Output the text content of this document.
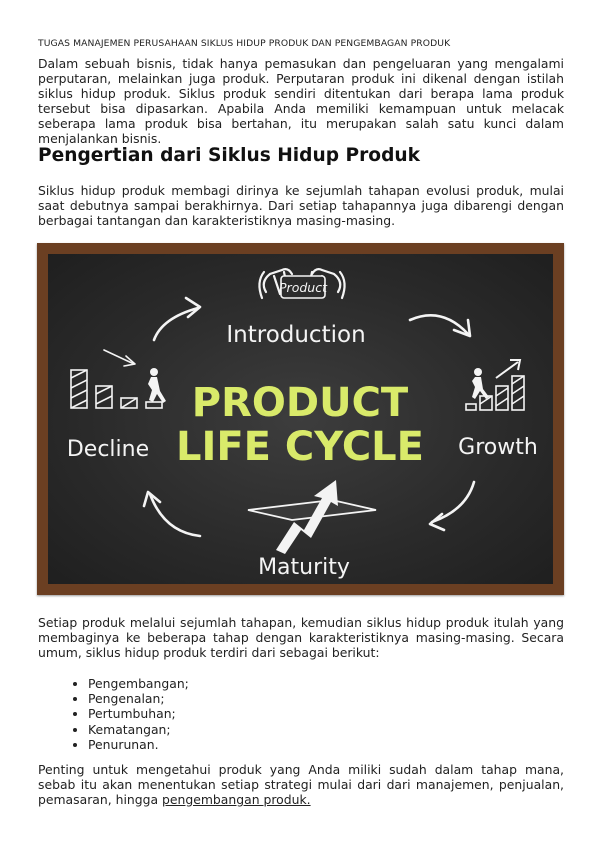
TUGAS MANAJEMEN PERUSAHAAN SIKLUS HIDUP PRODUK DAN PENGEMBAGAN PRODUK

Dalam sebuah bisnis, tidak hanya pemasukan dan pengeluaran yang mengalami perputaran, melainkan juga produk. Perputaran produk ini dikenal dengan istilah siklus hidup produk. Siklus produk sendiri ditentukan dari berapa lama produk tersebut bisa dipasarkan. Apabila Anda memiliki kemampuan untuk melacak seberapa lama produk bisa bertahan, itu merupakan salah satu kunci dalam menjalankan bisnis.

Pengertian dari Siklus Hidup Produk

Siklus hidup produk membagi dirinya ke sejumlah tahapan evolusi produk, mulai saat debutnya sampai berakhirnya. Dari setiap tahapannya juga dibarengi dengan berbagai tantangan dan karakteristiknya masing-masing.

Product
Introduction
Decline	Growth
PRODUCT
LIFE CYCLE
Maturity

Setiap produk melalui sejumlah tahapan, kemudian siklus hidup produk itulah yang membaginya ke beberapa tahap dengan karakteristiknya masing-masing. Secara umum, siklus hidup produk terdiri dari sebagai berikut:

• Pengembangan;
• Pengenalan;
• Pertumbuhan;
• Kematangan;
• Penurunan.

Penting untuk mengetahui produk yang Anda miliki sudah dalam tahap mana, sebab itu akan menentukan setiap strategi mulai dari dari manajemen, penjualan, pemasaran, hingga pengembangan produk.
